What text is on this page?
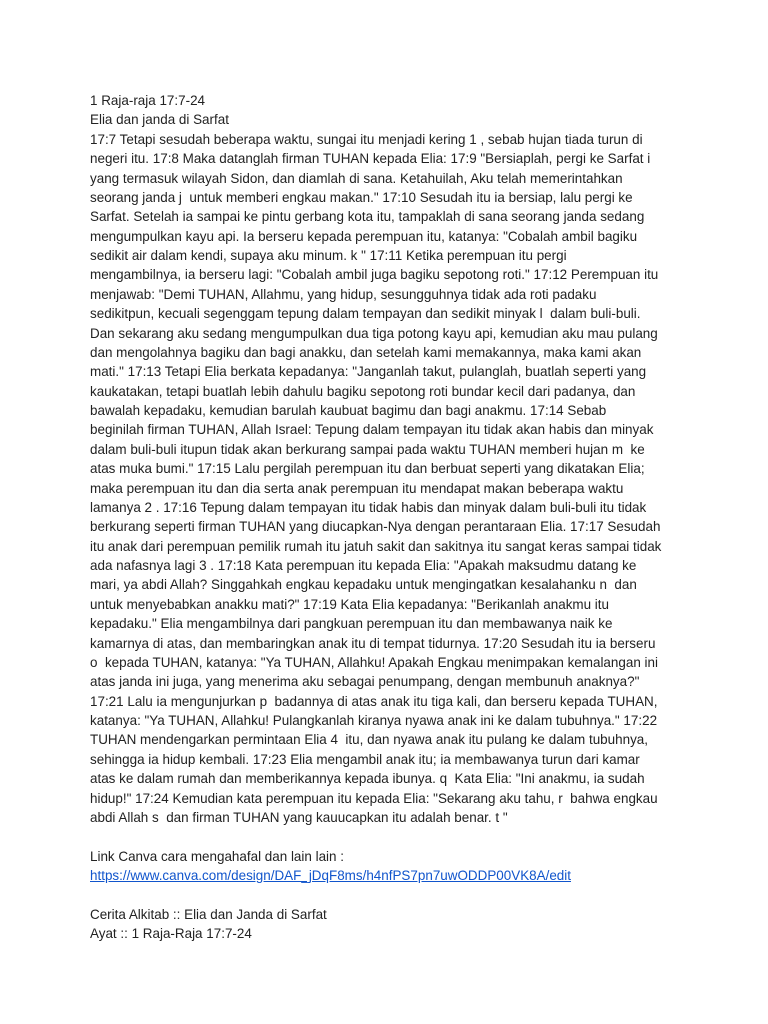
1 Raja-raja 17:7-24
Elia dan janda di Sarfat
17:7 Tetapi sesudah beberapa waktu, sungai itu menjadi kering 1 , sebab hujan tiada turun di
negeri itu. 17:8 Maka datanglah firman TUHAN kepada Elia: 17:9 "Bersiaplah, pergi ke Sarfat i
yang termasuk wilayah Sidon, dan diamlah di sana. Ketahuilah, Aku telah memerintahkan
seorang janda j  untuk memberi engkau makan." 17:10 Sesudah itu ia bersiap, lalu pergi ke
Sarfat. Setelah ia sampai ke pintu gerbang kota itu, tampaklah di sana seorang janda sedang
mengumpulkan kayu api. Ia berseru kepada perempuan itu, katanya: "Cobalah ambil bagiku
sedikit air dalam kendi, supaya aku minum. k " 17:11 Ketika perempuan itu pergi
mengambilnya, ia berseru lagi: "Cobalah ambil juga bagiku sepotong roti." 17:12 Perempuan itu
menjawab: "Demi TUHAN, Allahmu, yang hidup, sesungguhnya tidak ada roti padaku
sedikitpun, kecuali segenggam tepung dalam tempayan dan sedikit minyak l  dalam buli-buli.
Dan sekarang aku sedang mengumpulkan dua tiga potong kayu api, kemudian aku mau pulang
dan mengolahnya bagiku dan bagi anakku, dan setelah kami memakannya, maka kami akan
mati." 17:13 Tetapi Elia berkata kepadanya: "Janganlah takut, pulanglah, buatlah seperti yang
kaukatakan, tetapi buatlah lebih dahulu bagiku sepotong roti bundar kecil dari padanya, dan
bawalah kepadaku, kemudian barulah kaubuat bagimu dan bagi anakmu. 17:14 Sebab
beginilah firman TUHAN, Allah Israel: Tepung dalam tempayan itu tidak akan habis dan minyak
dalam buli-buli itupun tidak akan berkurang sampai pada waktu TUHAN memberi hujan m  ke
atas muka bumi." 17:15 Lalu pergilah perempuan itu dan berbuat seperti yang dikatakan Elia;
maka perempuan itu dan dia serta anak perempuan itu mendapat makan beberapa waktu
lamanya 2 . 17:16 Tepung dalam tempayan itu tidak habis dan minyak dalam buli-buli itu tidak
berkurang seperti firman TUHAN yang diucapkan-Nya dengan perantaraan Elia. 17:17 Sesudah
itu anak dari perempuan pemilik rumah itu jatuh sakit dan sakitnya itu sangat keras sampai tidak
ada nafasnya lagi 3 . 17:18 Kata perempuan itu kepada Elia: "Apakah maksudmu datang ke
mari, ya abdi Allah? Singgahkah engkau kepadaku untuk mengingatkan kesalahanku n  dan
untuk menyebabkan anakku mati?" 17:19 Kata Elia kepadanya: "Berikanlah anakmu itu
kepadaku." Elia mengambilnya dari pangkuan perempuan itu dan membawanya naik ke
kamarnya di atas, dan membaringkan anak itu di tempat tidurnya. 17:20 Sesudah itu ia berseru
o  kepada TUHAN, katanya: "Ya TUHAN, Allahku! Apakah Engkau menimpakan kemalangan ini
atas janda ini juga, yang menerima aku sebagai penumpang, dengan membunuh anaknya?"
17:21 Lalu ia mengunjurkan p  badannya di atas anak itu tiga kali, dan berseru kepada TUHAN,
katanya: "Ya TUHAN, Allahku! Pulangkanlah kiranya nyawa anak ini ke dalam tubuhnya." 17:22
TUHAN mendengarkan permintaan Elia 4  itu, dan nyawa anak itu pulang ke dalam tubuhnya,
sehingga ia hidup kembali. 17:23 Elia mengambil anak itu; ia membawanya turun dari kamar
atas ke dalam rumah dan memberikannya kepada ibunya. q  Kata Elia: "Ini anakmu, ia sudah
hidup!" 17:24 Kemudian kata perempuan itu kepada Elia: "Sekarang aku tahu, r  bahwa engkau
abdi Allah s  dan firman TUHAN yang kauucapkan itu adalah benar. t "
Link Canva cara mengahafal dan lain lain :
https://www.canva.com/design/DAF_jDqF8ms/h4nfPS7pn7uwODDP00VK8A/edit
Cerita Alkitab :: Elia dan Janda di Sarfat
Ayat :: 1 Raja-Raja 17:7-24
